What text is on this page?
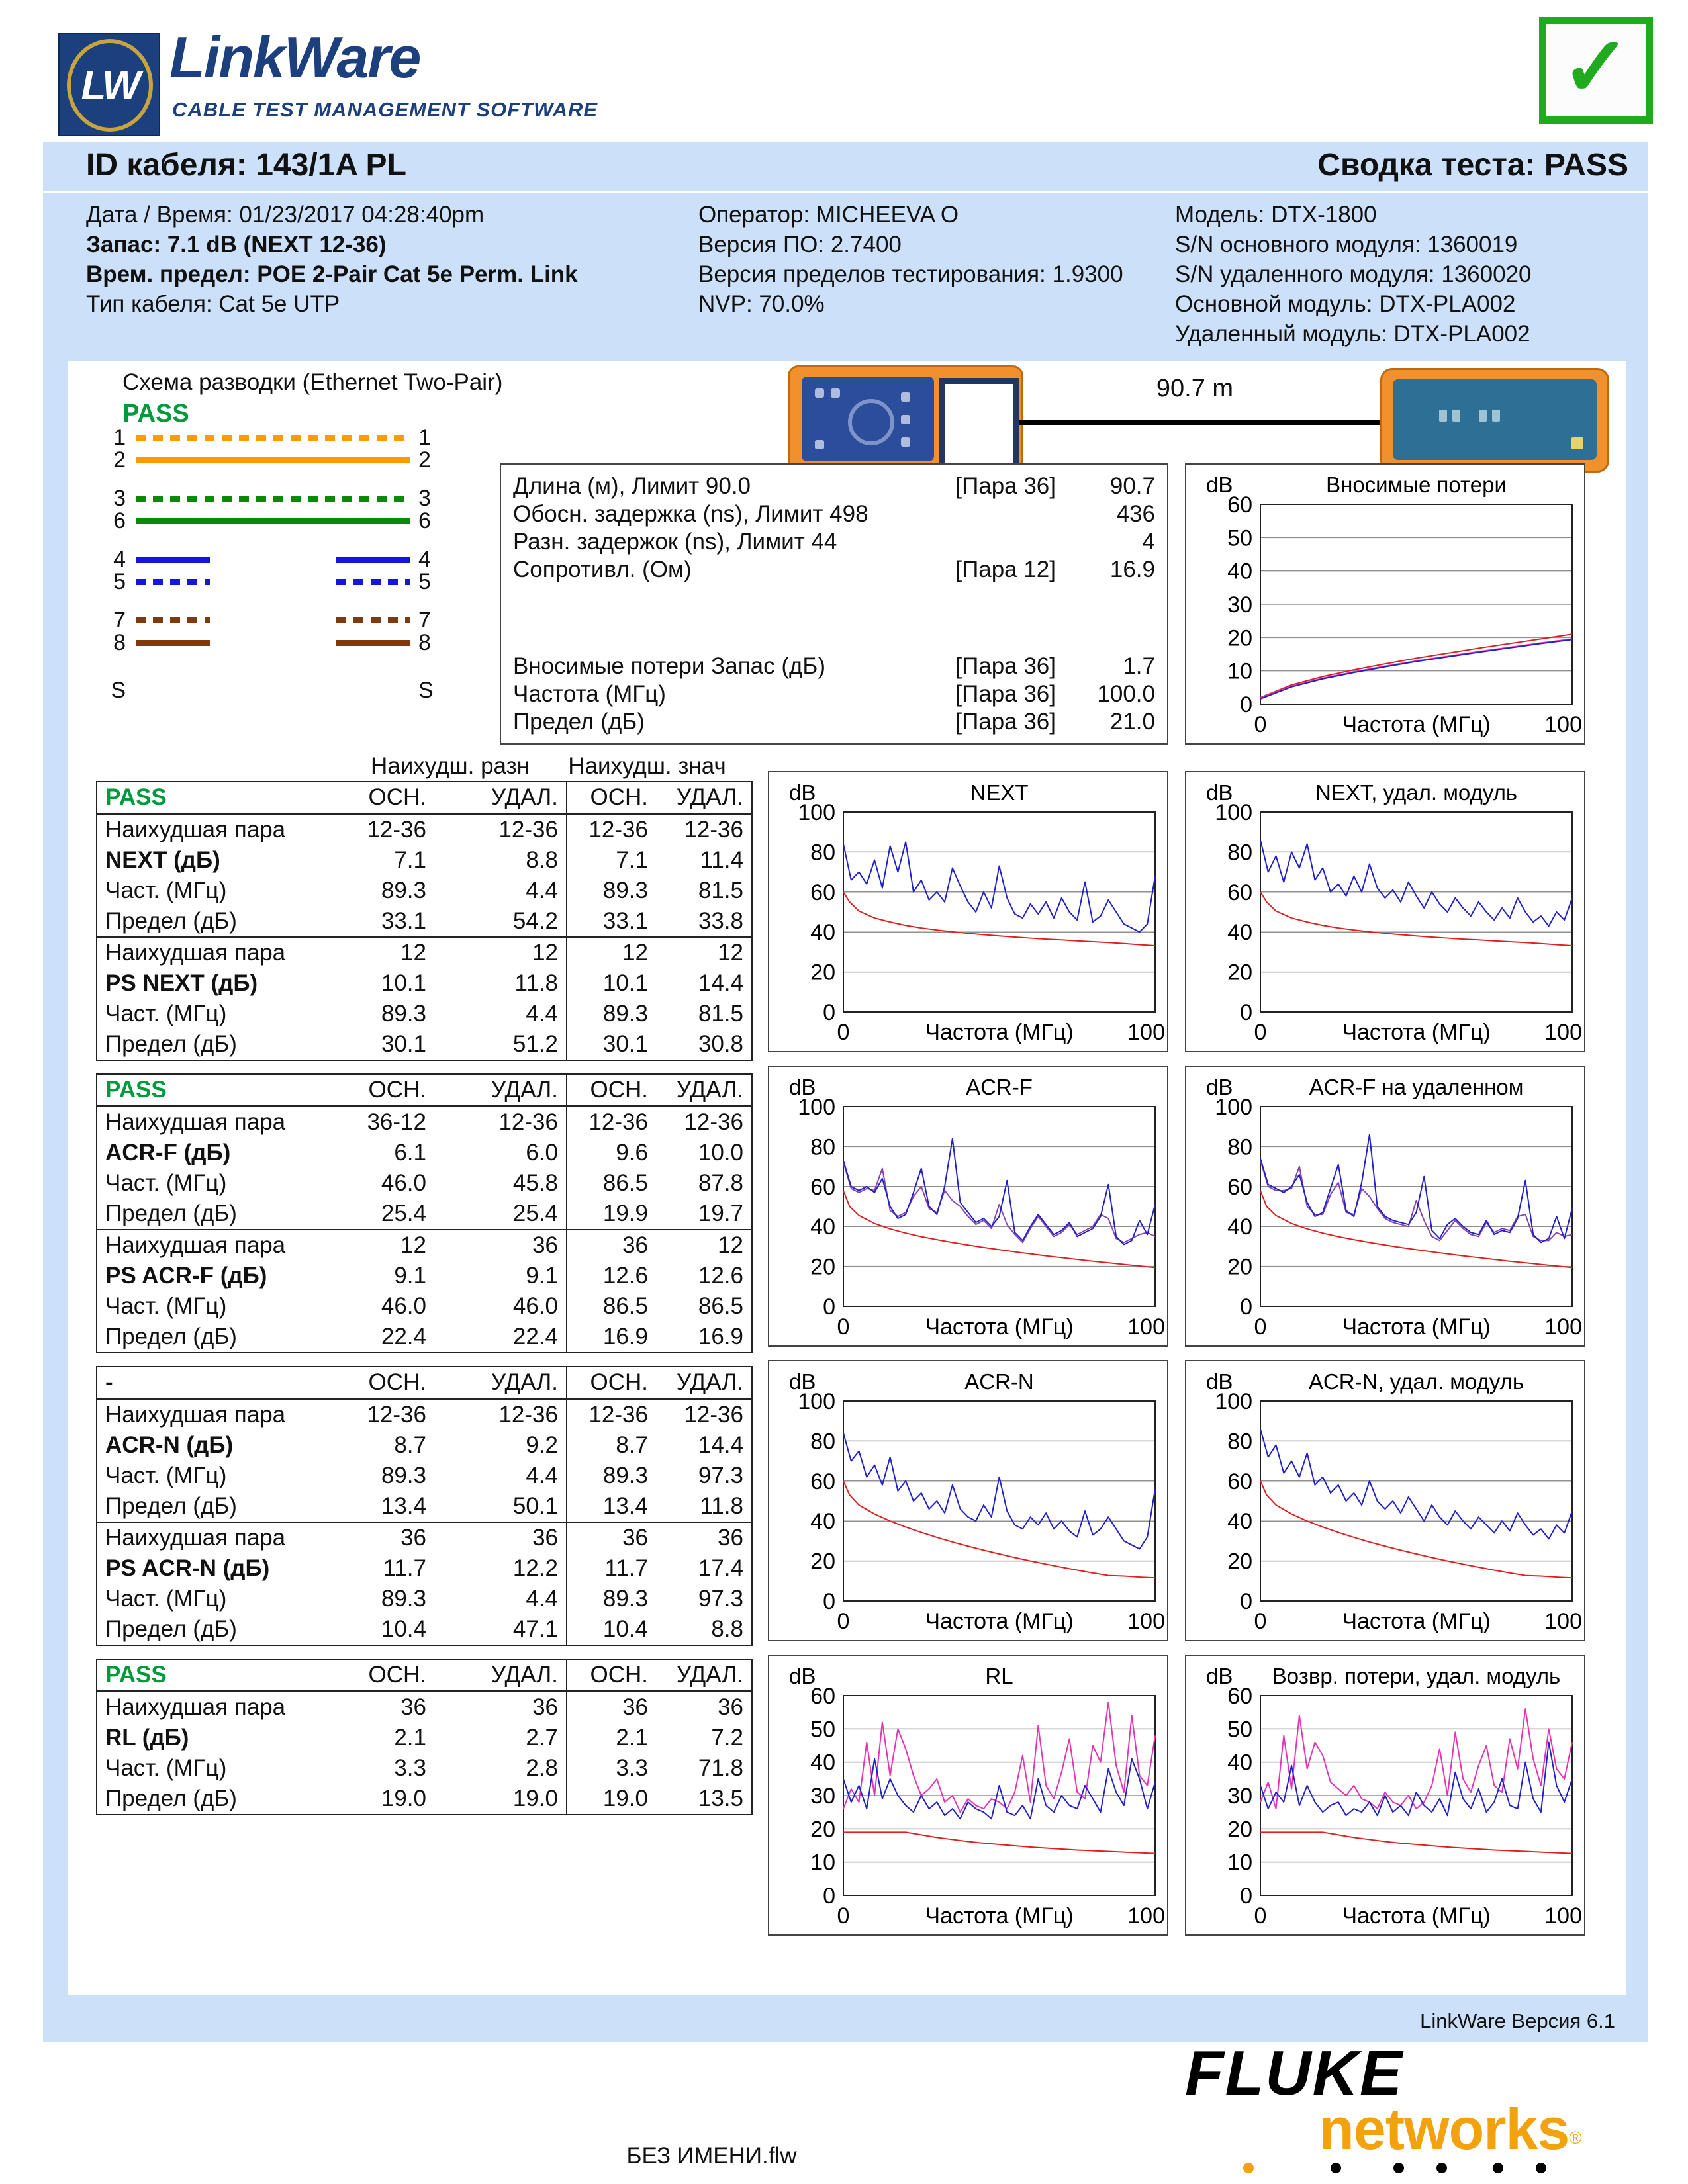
LW LinkWare
CABLE TEST MANAGEMENT SOFTWARE	✓
ID кабеля: 143/1A PL	Сводка теста: PASS
Дата / Время: 01/23/2017 04:28:40pm
Запас: 7.1 dB (NEXT 12-36)
Врем. предел: POE 2-Pair Cat 5e Perm. Link
Тип кабеля: Cat 5e UTP
Оператор: MICHEEVA O
Версия ПО: 2.7400
Версия пределов тестирования: 1.9300
NVP: 70.0%
Модель: DTX-1800
S/N основного модуля: 1360019
S/N удаленного модуля: 1360020
Основной модуль: DTX-PLA002
Удаленный модуль: DTX-PLA002
Схема разводки (Ethernet Two-Pair)
PASS
1	1
2	2
3	3
6	6
4	4
5	5
7	7
8	8
S	S
90.7 m
Длина (м), Лимит 90.0	[Пара 36]	90.7
Обосн. задержка (ns), Лимит 498	436
Разн. задержок (ns), Лимит 44	4
Сопротивл. (Ом)	[Пара 12]	16.9
Вносимые потери Запас (дБ)	[Пара 36]	1.7
Частота (МГц)	[Пара 36]	100.0
Предел (дБ)	[Пара 36]	21.0
Наихудш. разн	Наихудш. знач
PASS	ОСН.	УДАЛ.	ОСН.	УДАЛ.
Наихудшая пара	12-36	12-36	12-36	12-36
NEXT (дБ)	7.1	8.8	7.1	11.4
Част. (МГц)	89.3	4.4	89.3	81.5
Предел (дБ)	33.1	54.2	33.1	33.8
Наихудшая пара	12	12	12	12
PS NEXT (дБ)	10.1	11.8	10.1	14.4
Част. (МГц)	89.3	4.4	89.3	81.5
Предел (дБ)	30.1	51.2	30.1	30.8
PASS	ОСН.	УДАЛ.	ОСН.	УДАЛ.
Наихудшая пара	36-12	12-36	12-36	12-36
ACR-F (дБ)	6.1	6.0	9.6	10.0
Част. (МГц)	46.0	45.8	86.5	87.8
Предел (дБ)	25.4	25.4	19.9	19.7
Наихудшая пара	12	36	36	12
PS ACR-F (дБ)	9.1	9.1	12.6	12.6
Част. (МГц)	46.0	46.0	86.5	86.5
Предел (дБ)	22.4	22.4	16.9	16.9
-	ОСН.	УДАЛ.	ОСН.	УДАЛ.
Наихудшая пара	12-36	12-36	12-36	12-36
ACR-N (дБ)	8.7	9.2	8.7	14.4
Част. (МГц)	89.3	4.4	89.3	97.3
Предел (дБ)	13.4	50.1	13.4	11.8
Наихудшая пара	36	36	36	36
PS ACR-N (дБ)	11.7	12.2	11.7	17.4
Част. (МГц)	89.3	4.4	89.3	97.3
Предел (дБ)	10.4	47.1	10.4	8.8
PASS	ОСН.	УДАЛ.	ОСН.	УДАЛ.
Наихудшая пара	36	36	36	36
RL (дБ)	2.1	2.7	2.1	7.2
Част. (МГц)	3.3	2.8	3.3	71.8
Предел (дБ)	19.0	19.0	19.0	13.5
Вносимые потери
dB
0
10
20
30
40
50
60
0	Частота (МГц) 100
NEXT
dB
0
20
40
60
80
100
0	Частота (МГц) 100
NEXT, удал. модуль
dB
0
20
40
60
80
100
0	Частота (МГц) 100
ACR-F
dB
0
20
40
60
80
100
0	Частота (МГц) 100
ACR-F на удаленном
dB
0
20
40
60
80
100
0	Частота (МГц) 100
ACR-N
dB
0
20
40
60
80
100
0	Частота (МГц) 100
ACR-N, удал. модуль
dB
0
20
40
60
80
100
0	Частота (МГц) 100
RL
dB
0
10
20
30
40
50
60
0	Частота (МГц) 100
Возвр. потери, удал. модуль
dB
0
10
20
30
40
50
60
0	Частота (МГц) 100
LinkWare Версия 6.1
FLUKE
networks®
БЕЗ ИМЕНИ.flw
